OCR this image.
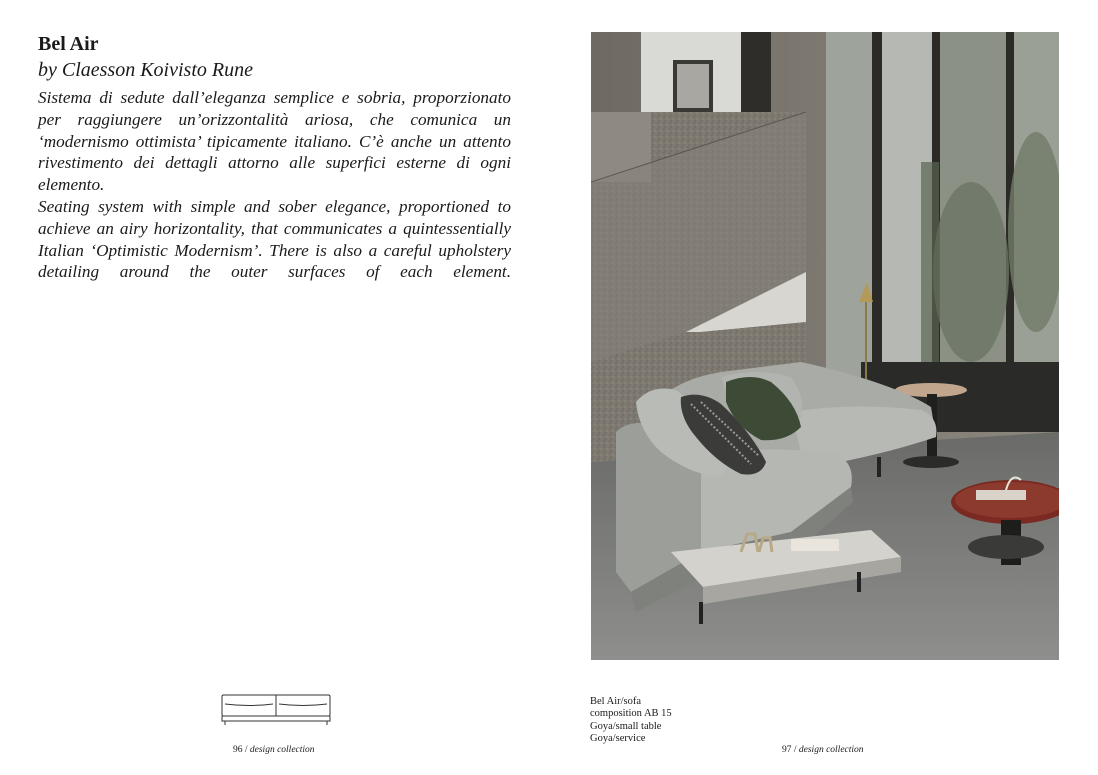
Bel Air
by Claesson Koivisto Rune

Sistema di sedute dall’eleganza semplice e sobria, proporzionato per raggiungere un’orizzontalità ariosa, che comunica un ‘modernismo ottimista’ tipicamente italiano. C’è anche un attento rivestimento dei dettagli attorno alle superfici esterne di ogni elemento.

Seating system with simple and sober elegance, proportioned to achieve an airy horizontality, that communicates a quintessentially Italian ‘Optimistic Modernism’. There is also a careful upholstery detailing around the outer surfaces of each element.

96 / design collection
Bel Air/sofa
composition AB 15
Goya/small table
Goya/service
97 / design collection
